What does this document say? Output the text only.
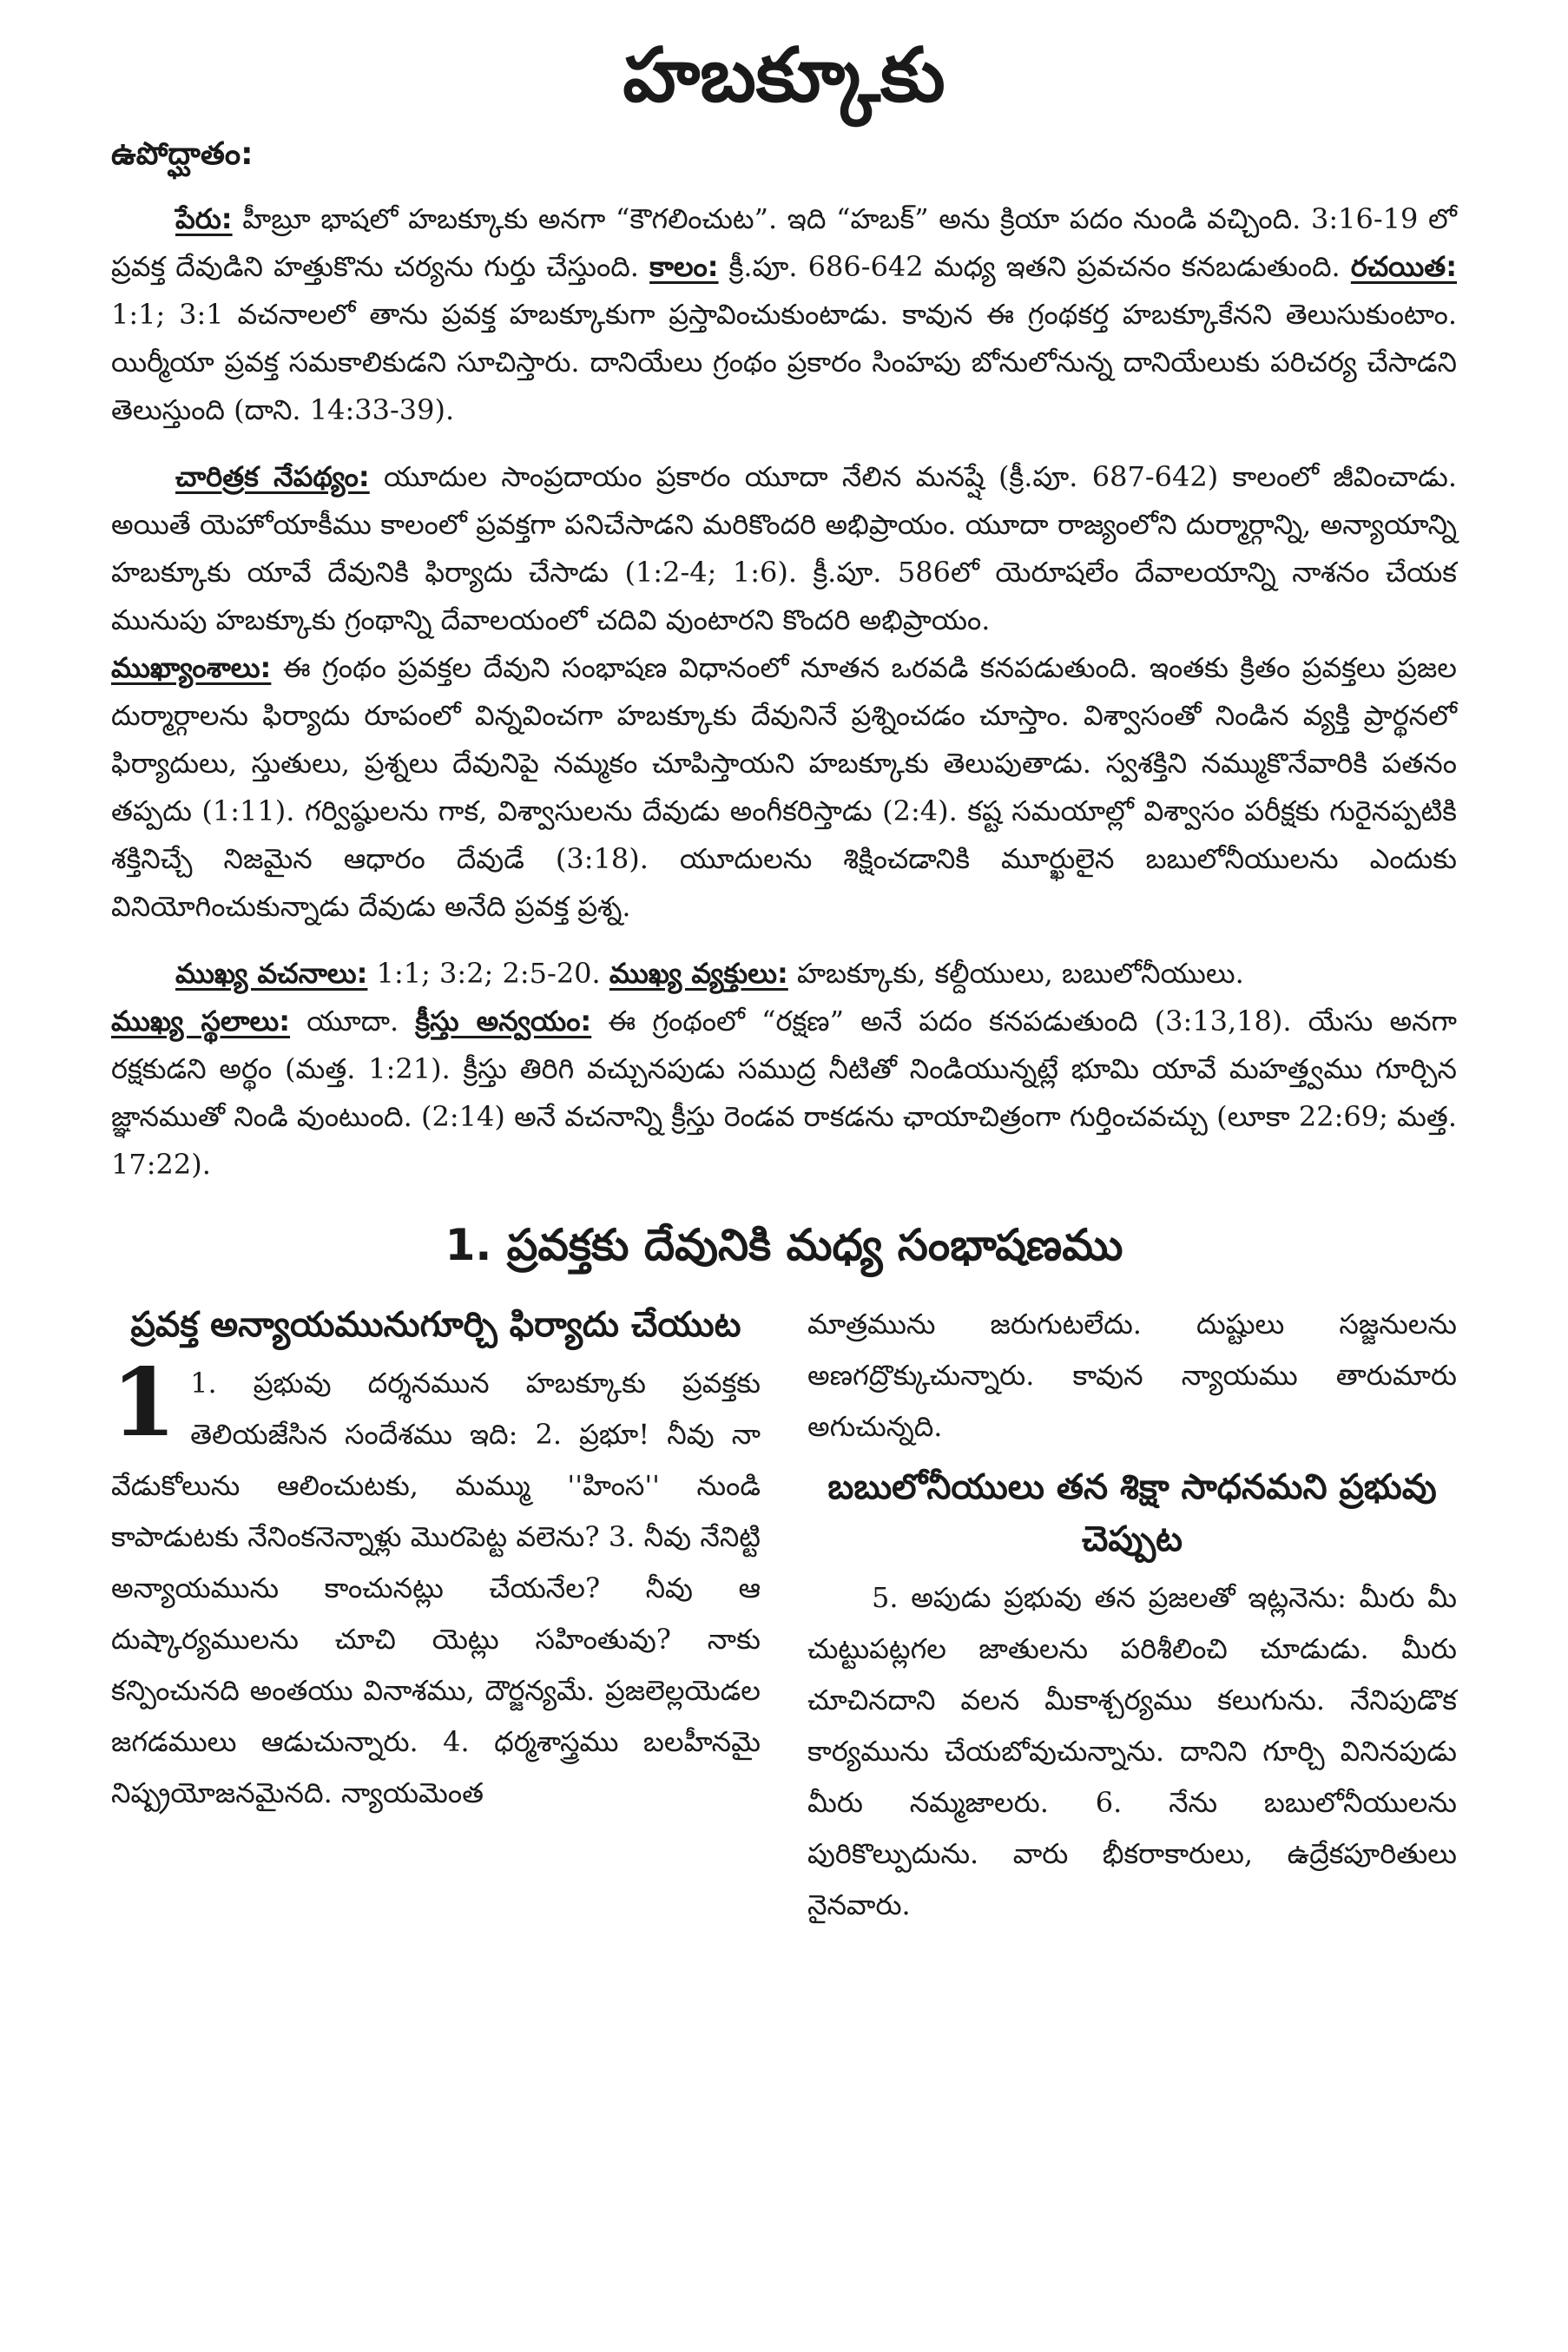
హబక్కూకు
ఉపోద్ఘాతం:

పేరు: హీబ్రూ భాషలో హబక్కూకు అనగా “కౌగలించుట”. ఇది “హబక్” అను క్రియా పదం నుండి వచ్చింది. 3:16-19 లో ప్రవక్త దేవుడిని హత్తుకొను చర్యను గుర్తు చేస్తుంది. కాలం: క్రీ.పూ. 686-642 మధ్య ఇతని ప్రవచనం కనబడుతుంది. రచయిత: 1:1; 3:1 వచనాలలో తాను ప్రవక్త హబక్కూకుగా ప్రస్తావించుకుంటాడు. కావున ఈ గ్రంథకర్త హబక్కూకేనని తెలుసుకుంటాం. యిర్మీయా ప్రవక్త సమకాలికుడని సూచిస్తారు. దానియేలు గ్రంథం ప్రకారం సింహపు బోనులోనున్న దానియేలుకు పరిచర్య చేసాడని తెలుస్తుంది (దాని. 14:33-39).

చారిత్రక నేపథ్యం: యూదుల సాంప్రదాయం ప్రకారం యూదా నేలిన మనష్షే (క్రీ.పూ. 687-642) కాలంలో జీవించాడు. అయితే యెహోయాకీము కాలంలో ప్రవక్తగా పనిచేసాడని మరికొందరి అభిప్రాయం. యూదా రాజ్యంలోని దుర్మార్గాన్ని, అన్యాయాన్ని హబక్కూకు యావే దేవునికి ఫిర్యాదు చేసాడు (1:2-4; 1:6). క్రీ.పూ. 586లో యెరూషలేం దేవాలయాన్ని నాశనం చేయక మునుపు హబక్కూకు గ్రంథాన్ని దేవాలయంలో చదివి వుంటారని కొందరి అభిప్రాయం.

ముఖ్యాంశాలు: ఈ గ్రంథం ప్రవక్తల దేవుని సంభాషణ విధానంలో నూతన ఒరవడి కనపడుతుంది. ఇంతకు క్రితం ప్రవక్తలు ప్రజల దుర్మార్గాలను ఫిర్యాదు రూపంలో విన్నవించగా హబక్కూకు దేవునినే ప్రశ్నించడం చూస్తాం. విశ్వాసంతో నిండిన వ్యక్తి ప్రార్థనలో ఫిర్యాదులు, స్తుతులు, ప్రశ్నలు దేవునిపై నమ్మకం చూపిస్తాయని హబక్కూకు తెలుపుతాడు. స్వశక్తిని నమ్ముకొనేవారికి పతనం తప్పదు (1:11). గర్విష్ఠులను గాక, విశ్వాసులను దేవుడు అంగీకరిస్తాడు (2:4). కష్ట సమయాల్లో విశ్వాసం పరీక్షకు గురైనప్పటికి శక్తినిచ్చే నిజమైన ఆధారం దేవుడే (3:18). యూదులను శిక్షించడానికి మూర్ఖులైన బబులోనీయులను ఎందుకు వినియోగించుకున్నాడు దేవుడు అనేది ప్రవక్త ప్రశ్న.

ముఖ్య వచనాలు: 1:1; 3:2; 2:5-20. ముఖ్య వ్యక్తులు: హబక్కూకు, కల్దీయులు, బబులోనీయులు.

ముఖ్య స్థలాలు: యూదా. క్రీస్తు అన్వయం: ఈ గ్రంథంలో “రక్షణ” అనే పదం కనపడుతుంది (3:13,18). యేసు అనగా రక్షకుడని అర్థం (మత్త. 1:21). క్రీస్తు తిరిగి వచ్చునపుడు సముద్ర నీటితో నిండియున్నట్లే భూమి యావే మహత్త్వము గూర్చిన జ్ఞానముతో నిండి వుంటుంది. (2:14) అనే వచనాన్ని క్రీస్తు రెండవ రాకడను ఛాయాచిత్రంగా గుర్తించవచ్చు (లూకా 22:69; మత్త. 17:22).

1. ప్రవక్తకు దేవునికి మధ్య సంభాషణము
ప్రవక్త అన్యాయమునుగూర్చి ఫిర్యాదు చేయుట

1 1. ప్రభువు దర్శనమున హబక్కూకు ప్రవక్తకు తెలియజేసిన సందేశము ఇది: 2. ప్రభూ! నీవు నా వేడుకోలును ఆలించుటకు, మమ్ము ''హింస'' నుండి కాపాడుటకు నేనింకనెన్నాళ్లు మొరపెట్ట వలెను? 3. నీవు నేనిట్టి అన్యాయమును కాంచునట్లు చేయనేల? నీవు ఆ దుష్కార్యములను చూచి యెట్లు సహింతువు? నాకు కన్పించునది అంతయు వినాశము, దౌర్జన్యమే. ప్రజలెల్లయెడల జగడములు ఆడుచున్నారు. 4. ధర్మశాస్త్రము బలహీనమై నిష్ప్రయోజనమైనది. న్యాయమెంత

మాత్రమును జరుగుటలేదు. దుష్టులు సజ్జనులను అణగద్రొక్కుచున్నారు. కావున న్యాయము తారుమారు అగుచున్నది.

బబులోనీయులు తన శిక్షా సాధనమని ప్రభువు చెప్పుట

5. అపుడు ప్రభువు తన ప్రజలతో ఇట్లనెను: మీరు మీ చుట్టుపట్లగల జాతులను పరిశీలించి చూడుడు. మీరు చూచినదాని వలన మీకాశ్చర్యము కలుగును. నేనిపుడొక కార్యమును చేయబోవుచున్నాను. దానిని గూర్చి వినినపుడు మీరు నమ్మజాలరు. 6. నేను బబులోనీయులను పురికొల్పుదును. వారు భీకరాకారులు, ఉద్రేకపూరితులు నైనవారు.
